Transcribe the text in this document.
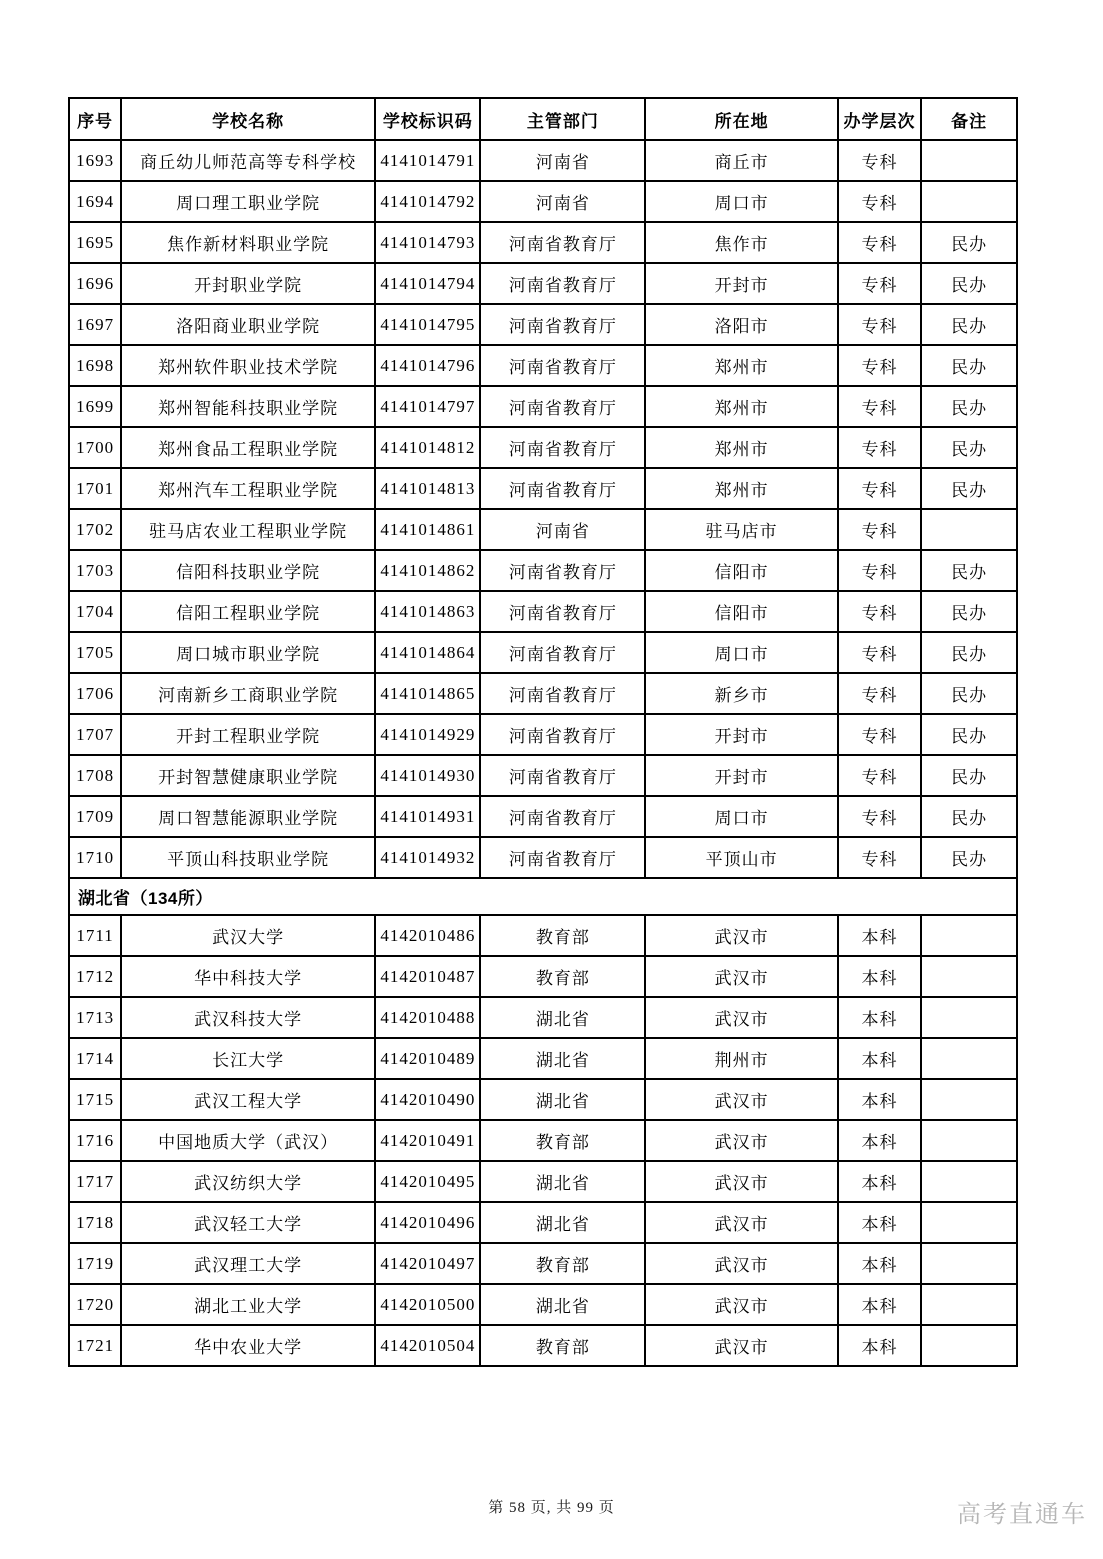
序号	学校名称	学校标识码	主管部门	所在地	办学层次	备注
1693	商丘幼儿师范高等专科学校	4141014791	河南省	商丘市	专科	
1694	周口理工职业学院	4141014792	河南省	周口市	专科	
1695	焦作新材料职业学院	4141014793	河南省教育厅	焦作市	专科	民办
1696	开封职业学院	4141014794	河南省教育厅	开封市	专科	民办
1697	洛阳商业职业学院	4141014795	河南省教育厅	洛阳市	专科	民办
1698	郑州软件职业技术学院	4141014796	河南省教育厅	郑州市	专科	民办
1699	郑州智能科技职业学院	4141014797	河南省教育厅	郑州市	专科	民办
1700	郑州食品工程职业学院	4141014812	河南省教育厅	郑州市	专科	民办
1701	郑州汽车工程职业学院	4141014813	河南省教育厅	郑州市	专科	民办
1702	驻马店农业工程职业学院	4141014861	河南省	驻马店市	专科	
1703	信阳科技职业学院	4141014862	河南省教育厅	信阳市	专科	民办
1704	信阳工程职业学院	4141014863	河南省教育厅	信阳市	专科	民办
1705	周口城市职业学院	4141014864	河南省教育厅	周口市	专科	民办
1706	河南新乡工商职业学院	4141014865	河南省教育厅	新乡市	专科	民办
1707	开封工程职业学院	4141014929	河南省教育厅	开封市	专科	民办
1708	开封智慧健康职业学院	4141014930	河南省教育厅	开封市	专科	民办
1709	周口智慧能源职业学院	4141014931	河南省教育厅	周口市	专科	民办
1710	平顶山科技职业学院	4141014932	河南省教育厅	平顶山市	专科	民办
湖北省（134所）						
1711	武汉大学	4142010486	教育部	武汉市	本科	
1712	华中科技大学	4142010487	教育部	武汉市	本科	
1713	武汉科技大学	4142010488	湖北省	武汉市	本科	
1714	长江大学	4142010489	湖北省	荆州市	本科	
1715	武汉工程大学	4142010490	湖北省	武汉市	本科	
1716	中国地质大学（武汉）	4142010491	教育部	武汉市	本科	
1717	武汉纺织大学	4142010495	湖北省	武汉市	本科	
1718	武汉轻工大学	4142010496	湖北省	武汉市	本科	
1719	武汉理工大学	4142010497	教育部	武汉市	本科	
1720	湖北工业大学	4142010500	湖北省	武汉市	本科	
1721	华中农业大学	4142010504	教育部	武汉市	本科	
第 58 页, 共 99 页	高考直通车
